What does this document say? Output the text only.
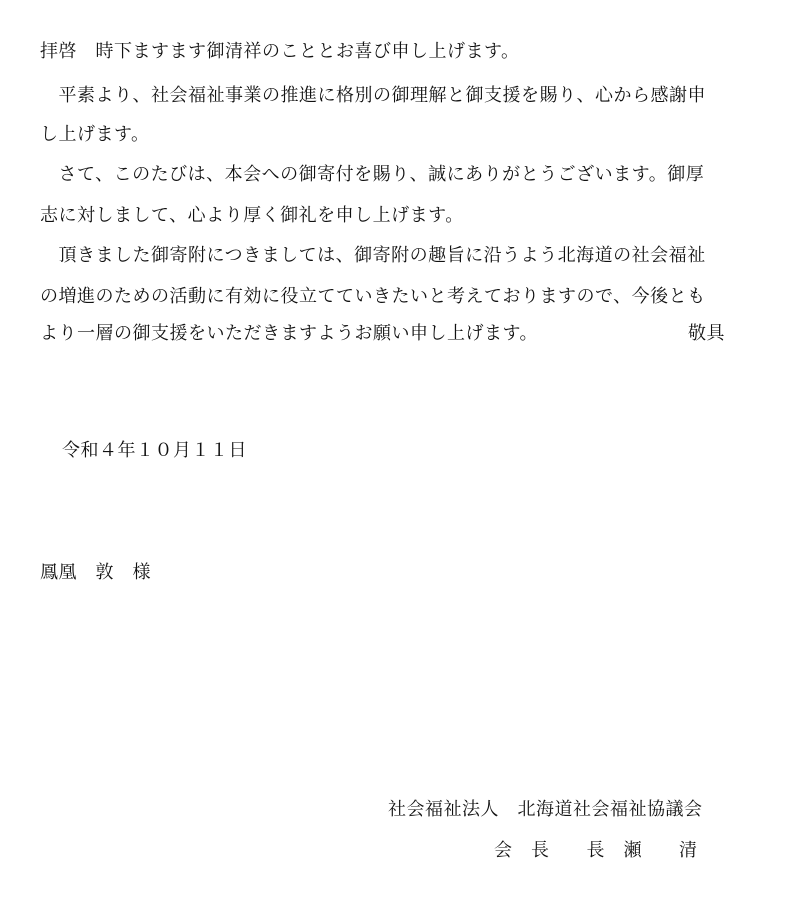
拝啓　時下ますます御清祥のこととお喜び申し上げます。
　平素より、社会福祉事業の推進に格別の御理解と御支援を賜り、心から感謝申
し上げます。
　さて、このたびは、本会への御寄付を賜り、誠にありがとうございます。御厚
志に対しまして、心より厚く御礼を申し上げます。
　頂きました御寄附につきましては、御寄附の趣旨に沿うよう北海道の社会福祉
の増進のための活動に有効に役立てていきたいと考えておりますので、今後とも
より一層の御支援をいただきますようお願い申し上げます。	敬具
令和４年１０月１１日
鳳凰　敦　様
社会福祉法人　北海道社会福祉協議会
会　長　　長　瀬　　清
